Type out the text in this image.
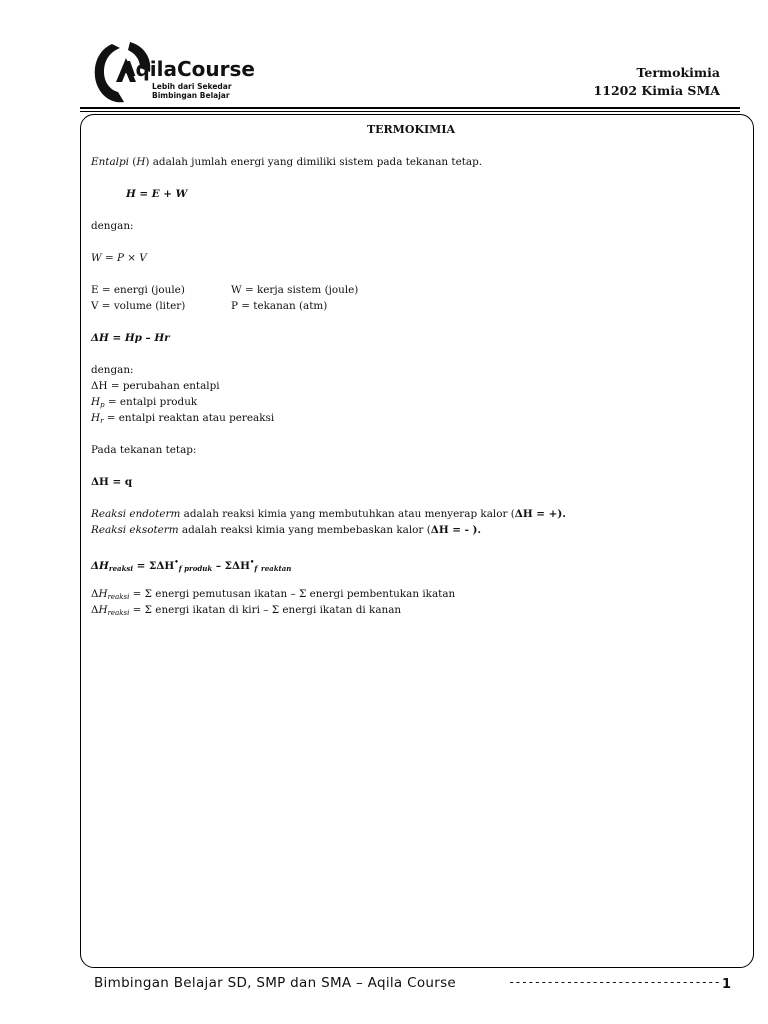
AqilaCourse
Lebih dari Sekedar
Bimbingan Belajar
Termokimia
11202 Kimia SMA
TERMOKIMIA
Entalpi (H) adalah jumlah energi yang dimiliki sistem pada tekanan tetap.
H = E + W
dengan:
W = P × V
E = energi (joule)	W = kerja sistem (joule)
V = volume (liter)	P = tekanan (atm)
ΔH = Hp – Hr
dengan:
ΔH = perubahan entalpi
$H_p$ = entalpi produk
$H_r$ = entalpi reaktan atau pereaksi
Pada tekanan tetap:
ΔH = q
Reaksi endoterm adalah reaksi kimia yang membutuhkan atau menyerap kalor (ΔH = +).
Reaksi eksoterm adalah reaksi kimia yang membebaskan kalor (ΔH = - ).
$\Delta H_{reaksi} = \Sigma\Delta H^•_{f produk} - \Sigma\Delta H^•_f$ $_{reaktan}$
$\Delta H_{reaksi} = \Sigma$ energi pemutusan ikatan – Σ energi pembentukan ikatan
$\Delta H_{reaksi} = \Sigma$ energi ikatan di kiri – Σ energi ikatan di kanan
Bimbingan Belajar SD, SMP dan SMA – Aqila Course	--------------------------------- 1
